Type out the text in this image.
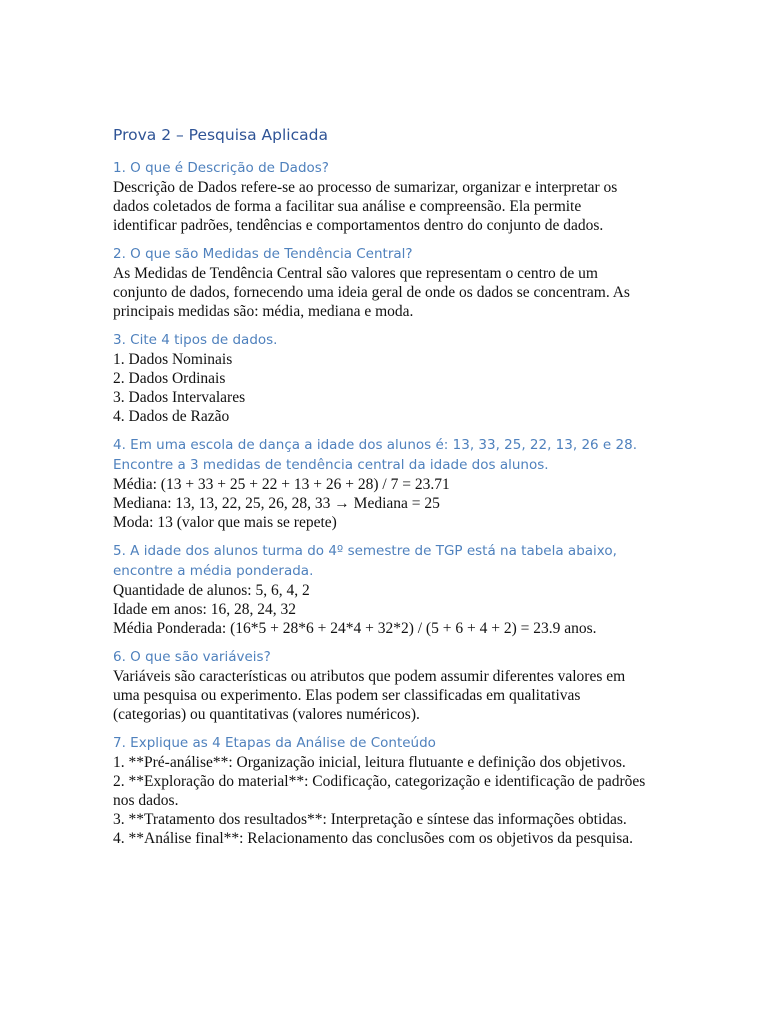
Prova 2 – Pesquisa Aplicada
1. O que é Descrição de Dados?

Descrição de Dados refere-se ao processo de sumarizar, organizar e interpretar os

dados coletados de forma a facilitar sua análise e compreensão. Ela permite

identificar padrões, tendências e comportamentos dentro do conjunto de dados.

2. O que são Medidas de Tendência Central?

As Medidas de Tendência Central são valores que representam o centro de um

conjunto de dados, fornecendo uma ideia geral de onde os dados se concentram. As

principais medidas são: média, mediana e moda.

3. Cite 4 tipos de dados.

1. Dados Nominais

2. Dados Ordinais

3. Dados Intervalares

4. Dados de Razão

4. Em uma escola de dança a idade dos alunos é: 13, 33, 25, 22, 13, 26 e 28.
Encontre a 3 medidas de tendência central da idade dos alunos.

Média: (13 + 33 + 25 + 22 + 13 + 26 + 28) / 7 = 23.71

Mediana: 13, 13, 22, 25, 26, 28, 33 → Mediana = 25

Moda: 13 (valor que mais se repete)

5. A idade dos alunos turma do 4º semestre de TGP está na tabela abaixo,
encontre a média ponderada.

Quantidade de alunos: 5, 6, 4, 2

Idade em anos: 16, 28, 24, 32

Média Ponderada: (16*5 + 28*6 + 24*4 + 32*2) / (5 + 6 + 4 + 2) = 23.9 anos.

6. O que são variáveis?

Variáveis são características ou atributos que podem assumir diferentes valores em

uma pesquisa ou experimento. Elas podem ser classificadas em qualitativas

(categorias) ou quantitativas (valores numéricos).

7. Explique as 4 Etapas da Análise de Conteúdo

1. **Pré-análise**: Organização inicial, leitura flutuante e definição dos objetivos.

2. **Exploração do material**: Codificação, categorização e identificação de padrões

nos dados.

3. **Tratamento dos resultados**: Interpretação e síntese das informações obtidas.

4. **Análise final**: Relacionamento das conclusões com os objetivos da pesquisa.
